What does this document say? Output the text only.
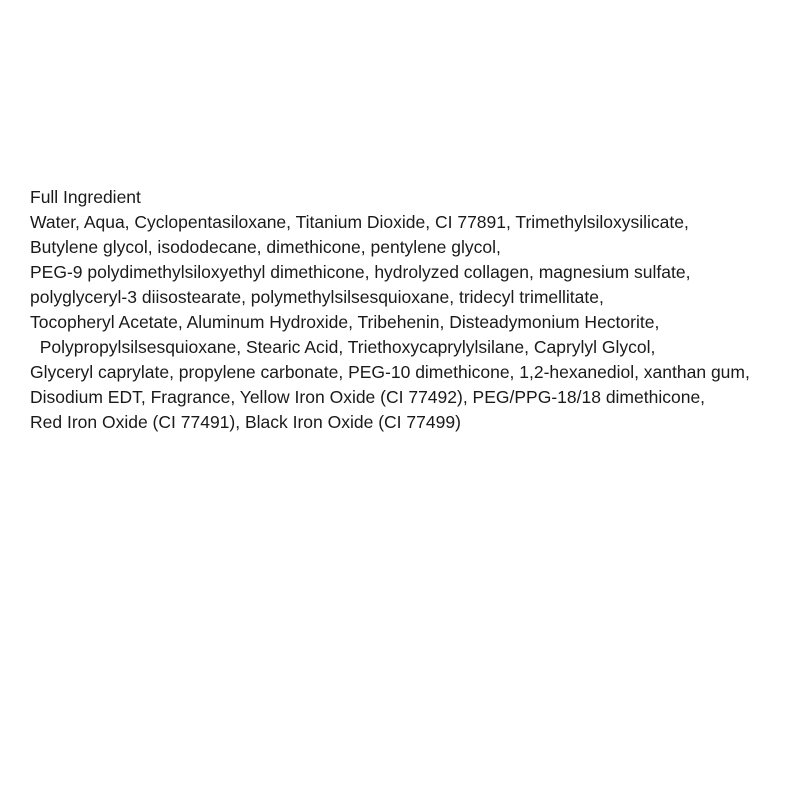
Full Ingredient
Water, Aqua, Cyclopentasiloxane, Titanium Dioxide, CI 77891, Trimethylsiloxysilicate,
Butylene glycol, isododecane, dimethicone, pentylene glycol,
PEG-9 polydimethylsiloxyethyl dimethicone, hydrolyzed collagen, magnesium sulfate,
polyglyceryl-3 diisostearate, polymethylsilsesquioxane, tridecyl trimellitate,
Tocopheryl Acetate, Aluminum Hydroxide, Tribehenin, Disteadymonium Hectorite,
Polypropylsilsesquioxane, Stearic Acid, Triethoxycaprylylsilane, Caprylyl Glycol,
Glyceryl caprylate, propylene carbonate, PEG-10 dimethicone, 1,2-hexanediol, xanthan gum,
Disodium EDT, Fragrance, Yellow Iron Oxide (CI 77492), PEG/PPG-18/18 dimethicone,
Red Iron Oxide (CI 77491), Black Iron Oxide (CI 77499)
